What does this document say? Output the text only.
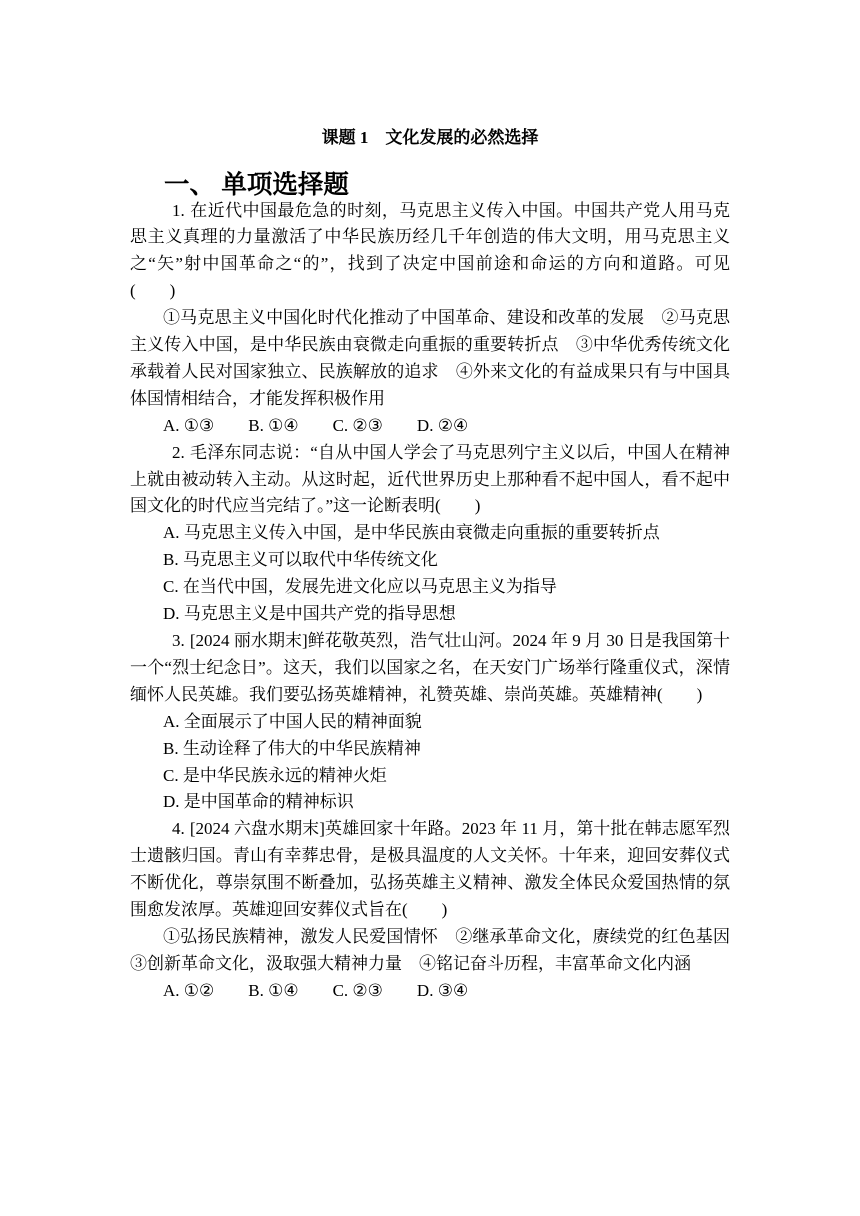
课题 1　文化发展的必然选择
一、 单项选择题

1. 在近代中国最危急的时刻，马克思主义传入中国。中国共产党人用马克思主义真理的力量激活了中华民族历经几千年创造的伟大文明，用马克思主义之“矢”射中国革命之“的”，找到了决定中国前途和命运的方向和道路。可见(　　)

①马克思主义中国化时代化推动了中国革命、建设和改革的发展 ②马克思主义传入中国，是中华民族由衰微走向重振的重要转折点 ③中华优秀传统文化承载着人民对国家独立、民族解放的追求 ④外来文化的有益成果只有与中国具体国情相结合，才能发挥积极作用

A. ①③ B. ①④ C. ②③ D. ②④

2. 毛泽东同志说：“自从中国人学会了马克思列宁主义以后，中国人在精神上就由被动转入主动。从这时起，近代世界历史上那种看不起中国人，看不起中国文化的时代应当完结了。”这一论断表明(　　)

A. 马克思主义传入中国，是中华民族由衰微走向重振的重要转折点

B. 马克思主义可以取代中华传统文化

C. 在当代中国，发展先进文化应以马克思主义为指导

D. 马克思主义是中国共产党的指导思想

3. [2024 丽水期末]鲜花敬英烈，浩气壮山河。2024 年 9 月 30 日是我国第十一个“烈士纪念日”。这天，我们以国家之名，在天安门广场举行隆重仪式，深情缅怀人民英雄。我们要弘扬英雄精神，礼赞英雄、崇尚英雄。英雄精神(　　)

A. 全面展示了中国人民的精神面貌

B. 生动诠释了伟大的中华民族精神

C. 是中华民族永远的精神火炬

D. 是中国革命的精神标识

4. [2024 六盘水期末]英雄回家十年路。2023 年 11 月，第十批在韩志愿军烈士遗骸归国。青山有幸葬忠骨，是极具温度的人文关怀。十年来，迎回安葬仪式不断优化，尊崇氛围不断叠加，弘扬英雄主义精神、激发全体民众爱国热情的氛围愈发浓厚。英雄迎回安葬仪式旨在(　　)

①弘扬民族精神，激发人民爱国情怀 ②继承革命文化，赓续党的红色基因③创新革命文化，汲取强大精神力量 ④铭记奋斗历程，丰富革命文化内涵

A. ①② B. ①④ C. ②③ D. ③④
